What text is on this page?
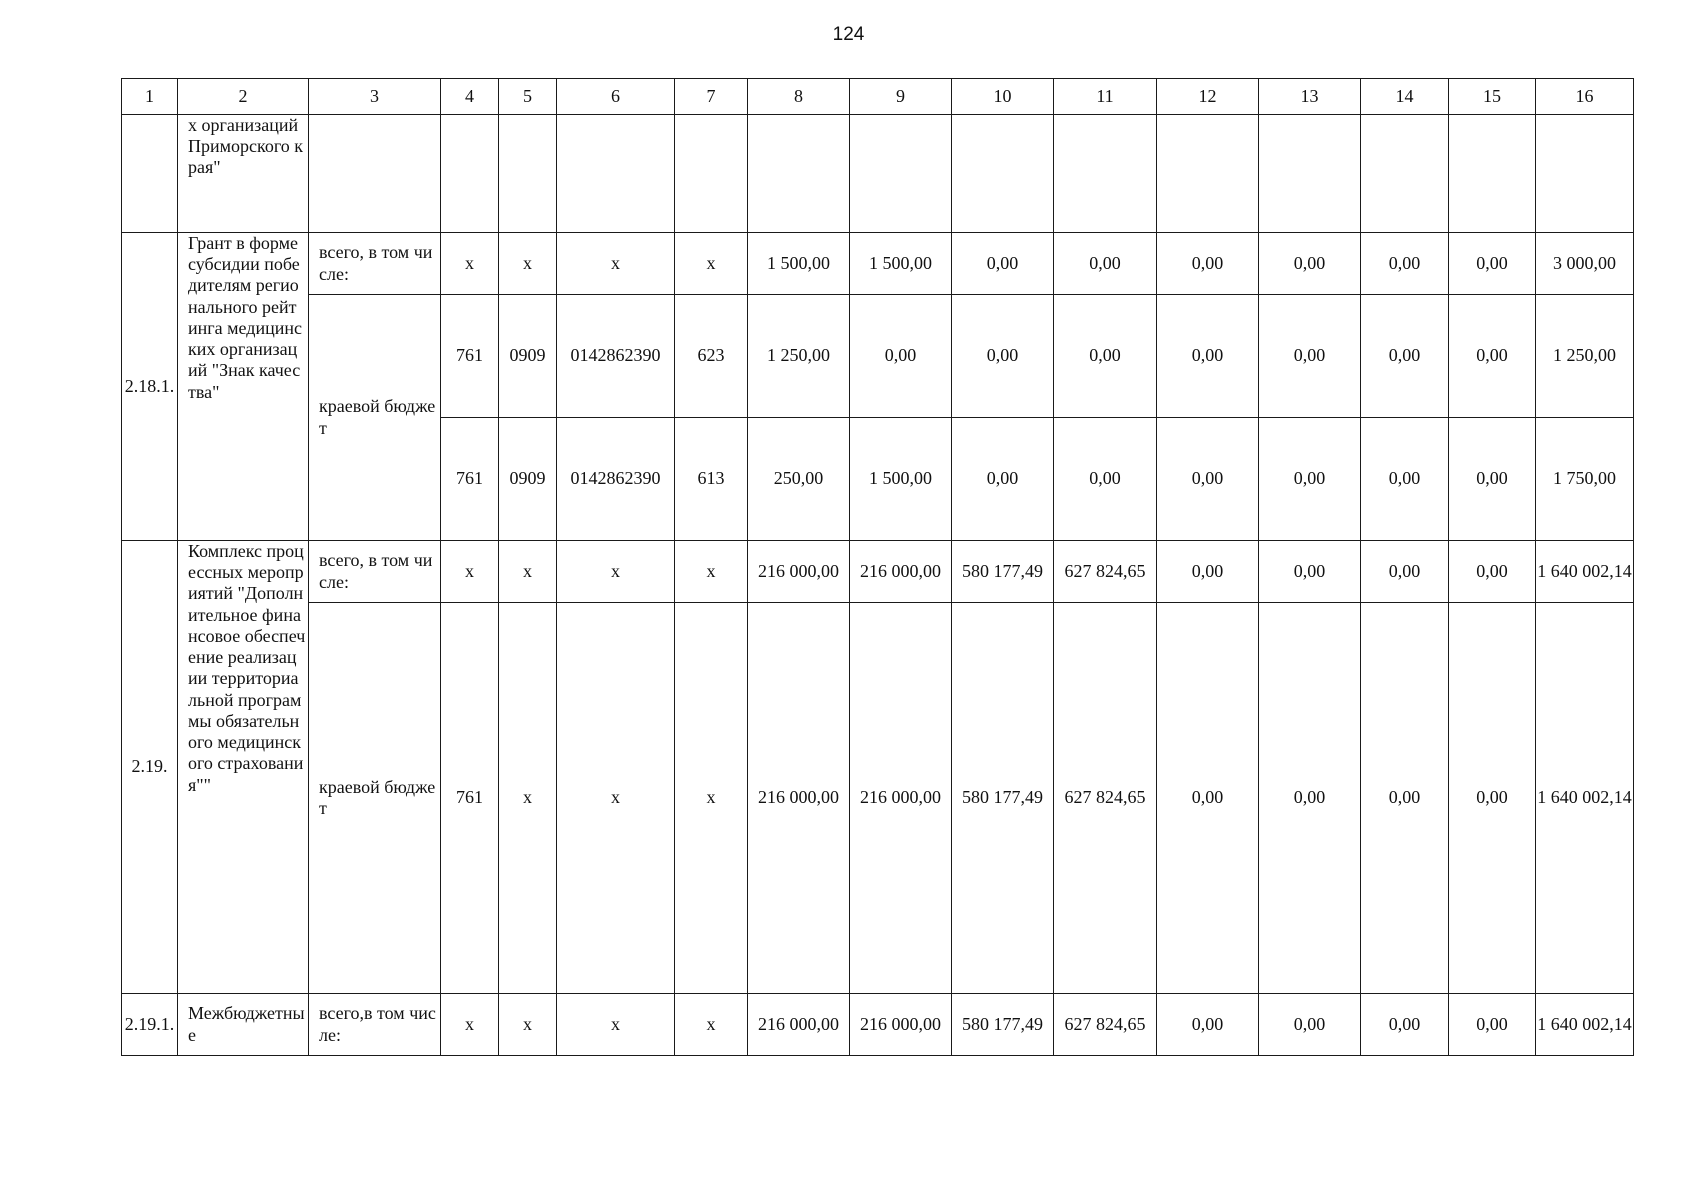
124
1	2	3	4	5	6	7	8	9	10	11	12	13	14	15	16
	х организаций Приморского края"														
2.18.1.	Грант в форме субсидии победителям регионального рейтинга медицинских организаций "Знак качества"	всего, в том числе:	х	х	х	х	1 500,00	1 500,00	0,00	0,00	0,00	0,00	0,00	0,00	3 000,00
		краевой бюджет	761	0909	0142862390	623	1 250,00	0,00	0,00	0,00	0,00	0,00	0,00	0,00	1 250,00
			761	0909	0142862390	613	250,00	1 500,00	0,00	0,00	0,00	0,00	0,00	0,00	1 750,00
2.19.	Комплекс процессных мероприятий "Дополнительное финансовое обеспечение реализации территориальной программы обязательного медицинского страхования""	всего, в том числе:	х	х	х	х	216 000,00	216 000,00	580 177,49	627 824,65	0,00	0,00	0,00	0,00	1 640 002,14
		краевой бюджет	761	х	х	х	216 000,00	216 000,00	580 177,49	627 824,65	0,00	0,00	0,00	0,00	1 640 002,14
2.19.1.	Межбюджетные	всего,в том числе:	х	х	х	х	216 000,00	216 000,00	580 177,49	627 824,65	0,00	0,00	0,00	0,00	1 640 002,14
